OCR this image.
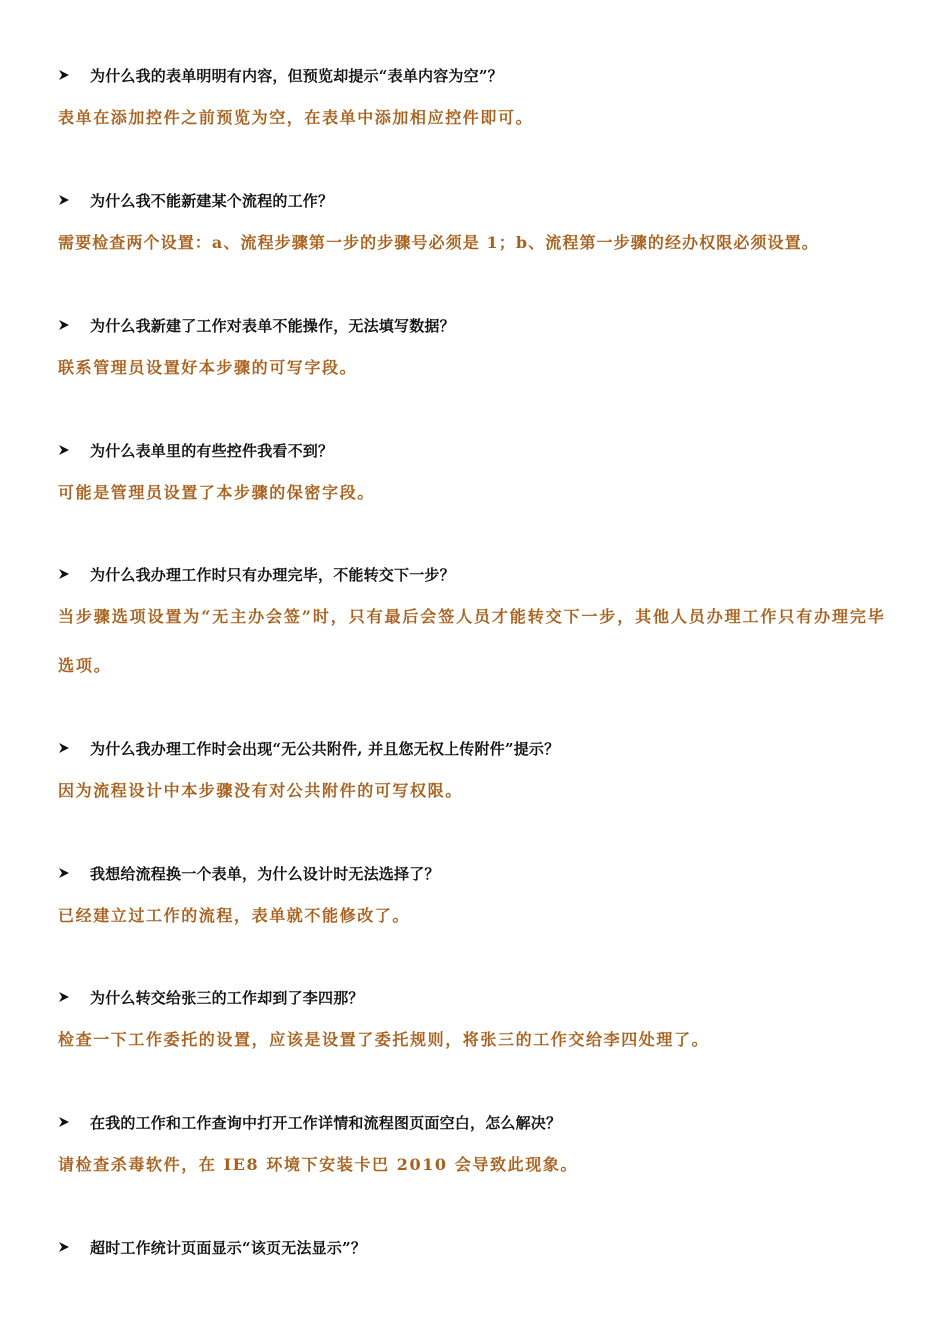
为什么我的表单明明有内容，但预览却提示“表单内容为空”？
表单在添加控件之前预览为空，在表单中添加相应控件即可。
为什么我不能新建某个流程的工作？
需要检查两个设置：a、流程步骤第一步的步骤号必须是 1；b、流程第一步骤的经办权限必须设置。
为什么我新建了工作对表单不能操作，无法填写数据？
联系管理员设置好本步骤的可写字段。
为什么表单里的有些控件我看不到？
可能是管理员设置了本步骤的保密字段。
为什么我办理工作时只有办理完毕，不能转交下一步？
当步骤选项设置为“无主办会签”时，只有最后会签人员才能转交下一步，其他人员办理工作只有办理完毕选项。
为什么我办理工作时会出现“无公共附件, 并且您无权上传附件”提示？
因为流程设计中本步骤没有对公共附件的可写权限。
我想给流程换一个表单，为什么设计时无法选择了？
已经建立过工作的流程，表单就不能修改了。
为什么转交给张三的工作却到了李四那？
检查一下工作委托的设置，应该是设置了委托规则，将张三的工作交给李四处理了。
在我的工作和工作查询中打开工作详情和流程图页面空白，怎么解决？
请检查杀毒软件，在 IE8 环境下安装卡巴 2010 会导致此现象。
超时工作统计页面显示“该页无法显示”？
